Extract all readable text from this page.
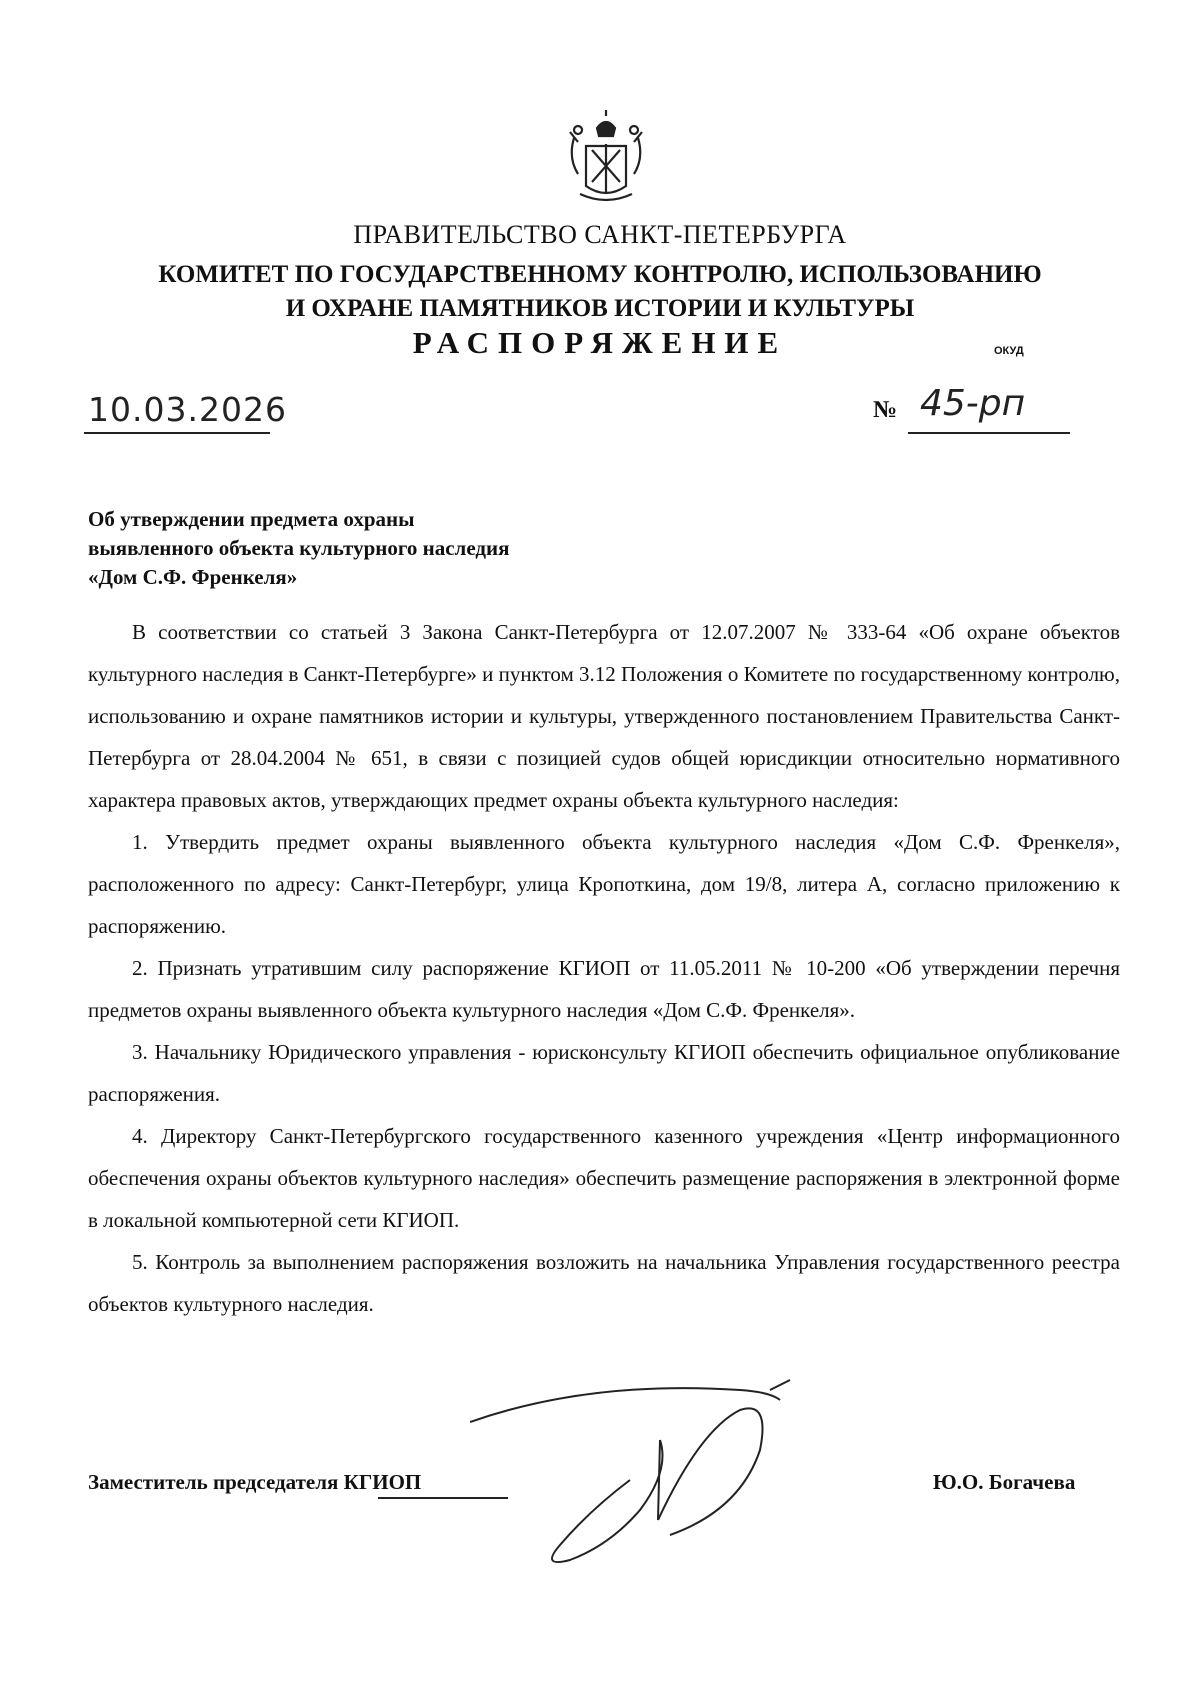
ПРАВИТЕЛЬСТВО САНКТ-ПЕТЕРБУРГА
КОМИТЕТ ПО ГОСУДАРСТВЕННОМУ КОНТРОЛЮ, ИСПОЛЬЗОВАНИЮ
И ОХРАНЕ ПАМЯТНИКОВ ИСТОРИИ И КУЛЬТУРЫ
РАСПОРЯЖЕНИЕ	ОКУД
10.03.2026	№ 45-рп
Об утверждении предмета охраны
выявленного объекта культурного наследия
«Дом С.Ф. Френкеля»

В соответствии со статьей 3 Закона Санкт-Петербурга от 12.07.2007 № 333-64 «Об охране объектов культурного наследия в Санкт-Петербурге» и пунктом 3.12 Положения о Комитете по государственному контролю, использованию и охране памятников истории и культуры, утвержденного постановлением Правительства Санкт-Петербурга от 28.04.2004 № 651, в связи с позицией судов общей юрисдикции относительно нормативного характера правовых актов, утверждающих предмет охраны объекта культурного наследия:

1. Утвердить предмет охраны выявленного объекта культурного наследия «Дом С.Ф. Френкеля», расположенного по адресу: Санкт-Петербург, улица Кропоткина, дом 19/8, литера А, согласно приложению к распоряжению.

2. Признать утратившим силу распоряжение КГИОП от 11.05.2011 № 10-200 «Об утверждении перечня предметов охраны выявленного объекта культурного наследия «Дом С.Ф. Френкеля».

3. Начальнику Юридического управления - юрисконсульту КГИОП обеспечить официальное опубликование распоряжения.

4. Директору Санкт-Петербургского государственного казенного учреждения «Центр информационного обеспечения охраны объектов культурного наследия» обеспечить размещение распоряжения в электронной форме в локальной компьютерной сети КГИОП.

5. Контроль за выполнением распоряжения возложить на начальника Управления государственного реестра объектов культурного наследия.

Заместитель председателя КГИОП	Ю.О. Богачева
